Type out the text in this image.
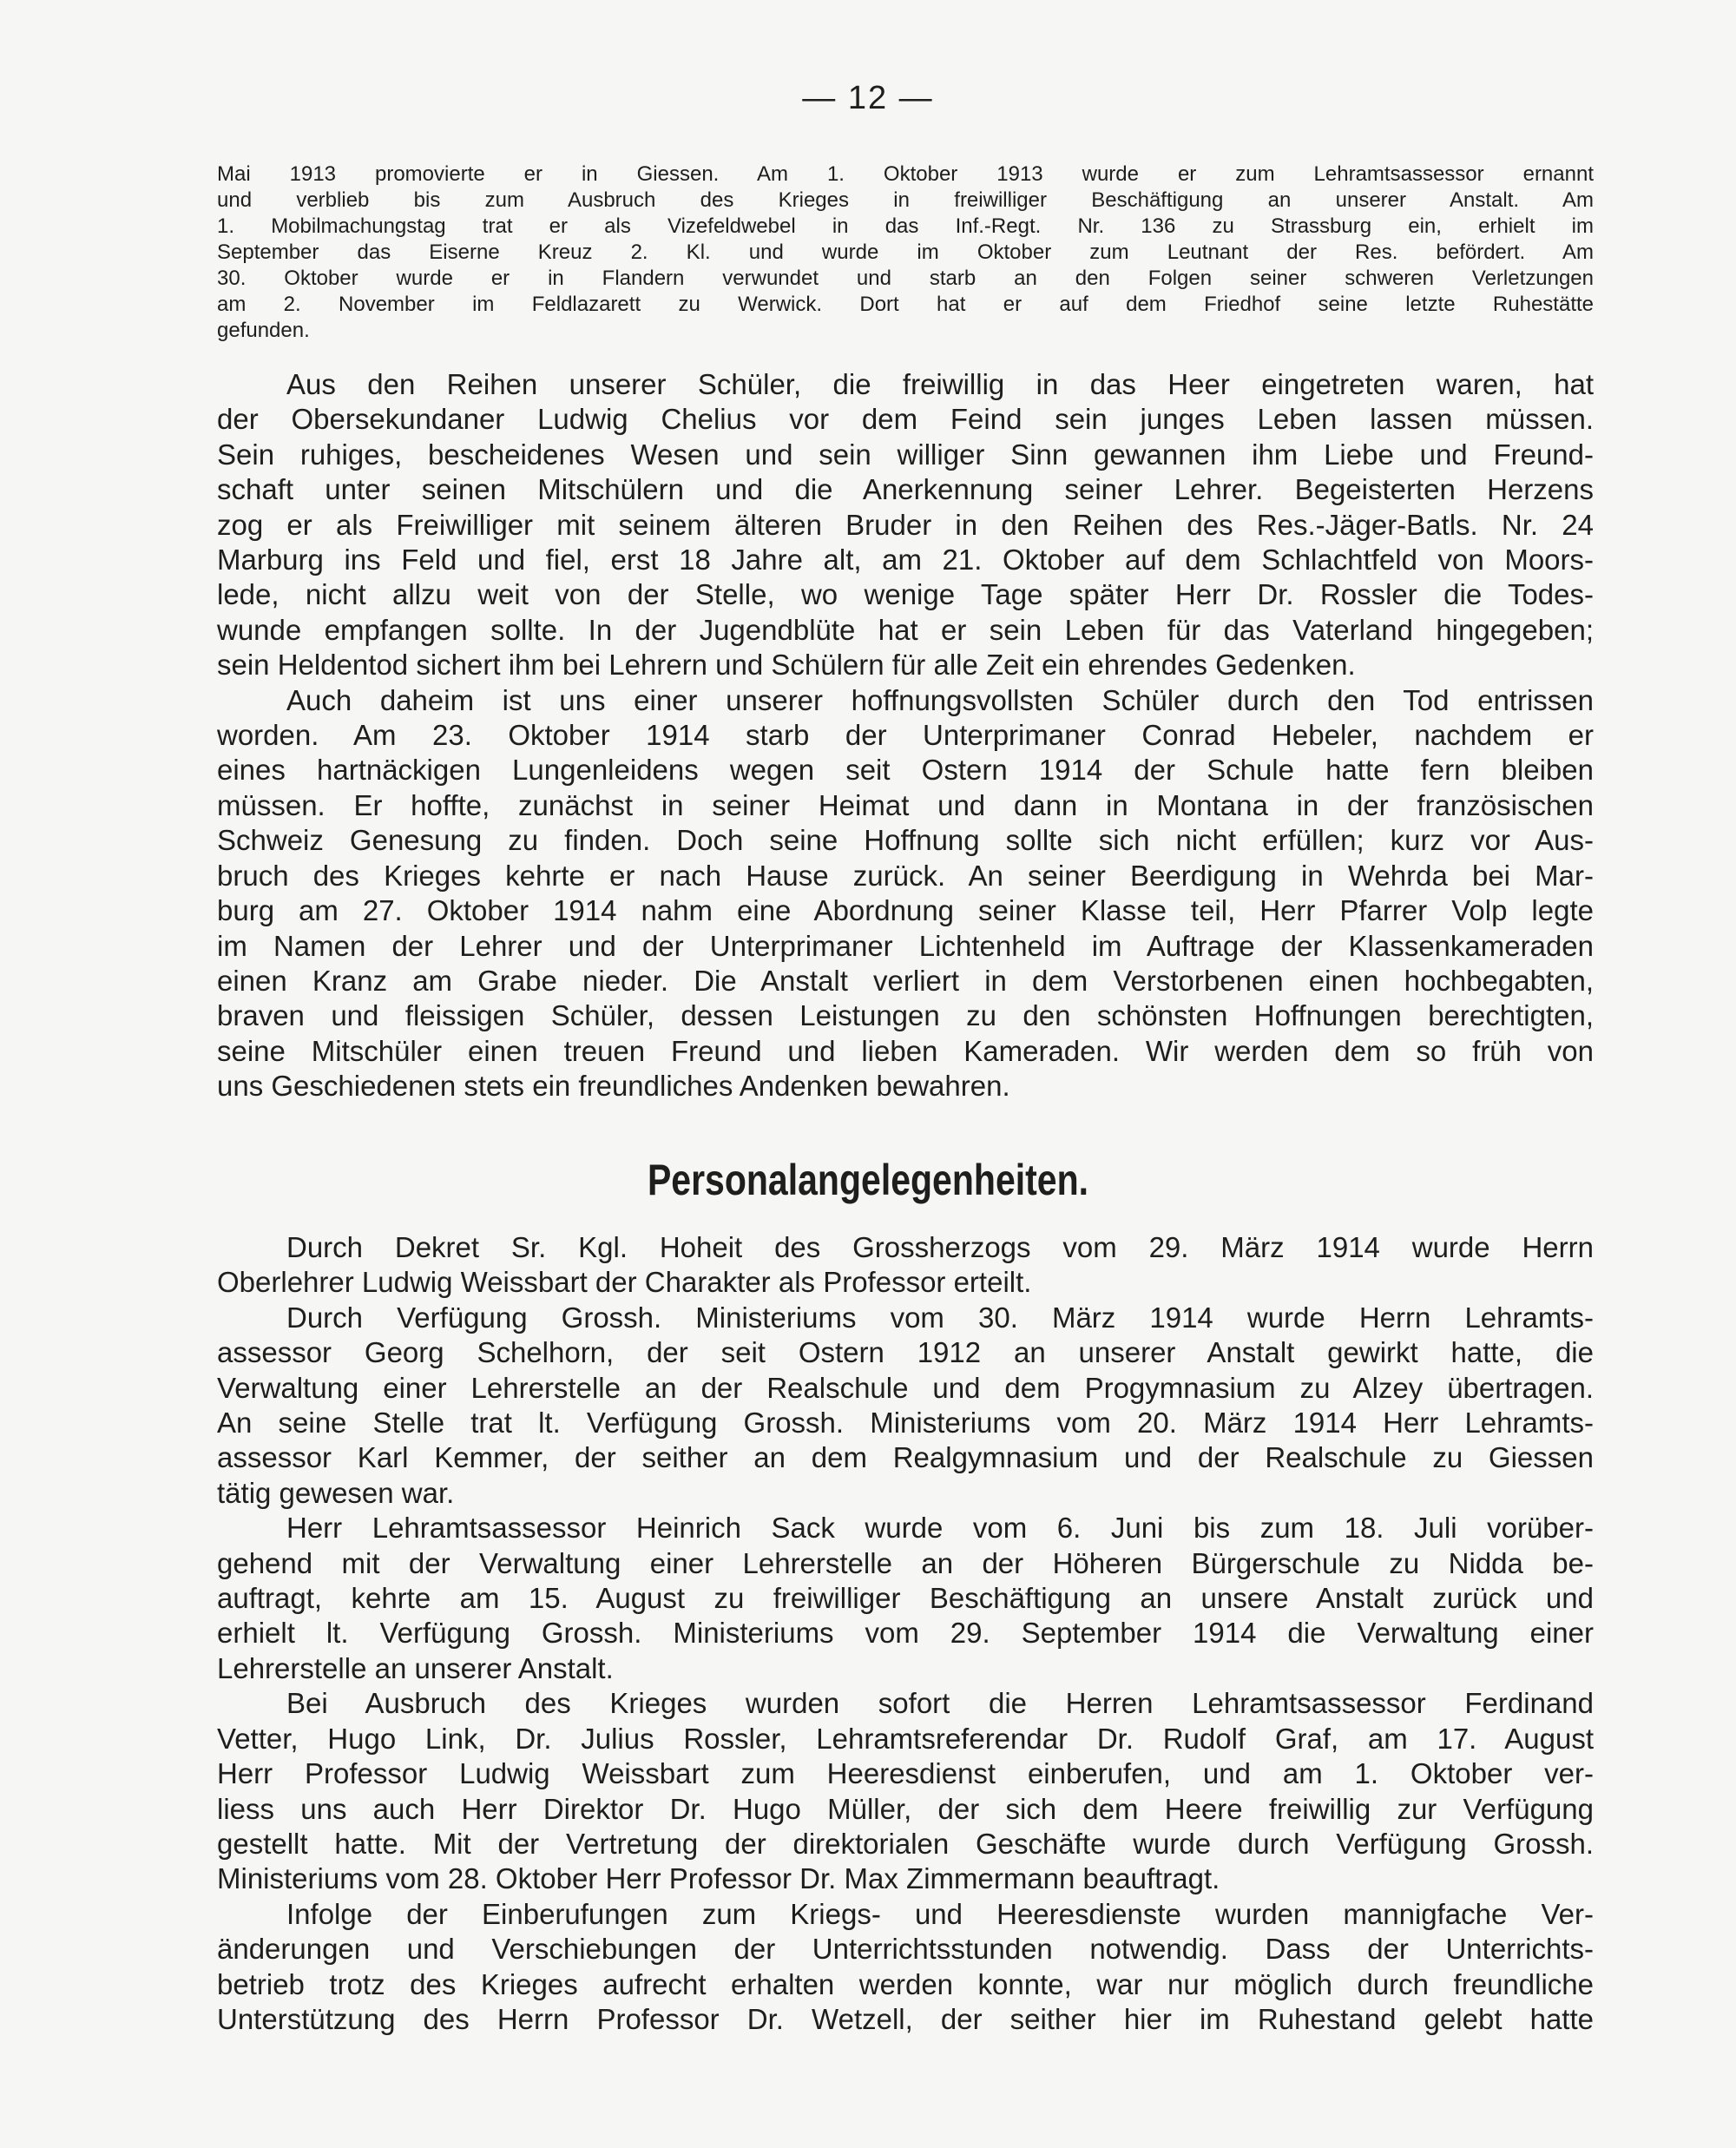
— 12 —
Mai 1913 promovierte er in Giessen. Am 1. Oktober 1913 wurde er zum Lehramtsassessor ernannt
und verblieb bis zum Ausbruch des Krieges in freiwilliger Beschäftigung an unserer Anstalt. Am
1. Mobilmachungstag trat er als Vizefeldwebel in das Inf.-Regt. Nr. 136 zu Strassburg ein, erhielt im
September das Eiserne Kreuz 2. Kl. und wurde im Oktober zum Leutnant der Res. befördert. Am
30. Oktober wurde er in Flandern verwundet und starb an den Folgen seiner schweren Verletzungen
am 2. November im Feldlazarett zu Werwick. Dort hat er auf dem Friedhof seine letzte Ruhestätte
gefunden.
Aus den Reihen unserer Schüler, die freiwillig in das Heer eingetreten waren, hat
der Obersekundaner Ludwig Chelius vor dem Feind sein junges Leben lassen müssen.
Sein ruhiges, bescheidenes Wesen und sein williger Sinn gewannen ihm Liebe und Freund-
schaft unter seinen Mitschülern und die Anerkennung seiner Lehrer. Begeisterten Herzens
zog er als Freiwilliger mit seinem älteren Bruder in den Reihen des Res.-Jäger-Batls. Nr. 24
Marburg ins Feld und fiel, erst 18 Jahre alt, am 21. Oktober auf dem Schlachtfeld von Moors-
lede, nicht allzu weit von der Stelle, wo wenige Tage später Herr Dr. Rossler die Todes-
wunde empfangen sollte. In der Jugendblüte hat er sein Leben für das Vaterland hingegeben;
sein Heldentod sichert ihm bei Lehrern und Schülern für alle Zeit ein ehrendes Gedenken.
Auch daheim ist uns einer unserer hoffnungsvollsten Schüler durch den Tod entrissen
worden. Am 23. Oktober 1914 starb der Unterprimaner Conrad Hebeler, nachdem er
eines hartnäckigen Lungenleidens wegen seit Ostern 1914 der Schule hatte fern bleiben
müssen. Er hoffte, zunächst in seiner Heimat und dann in Montana in der französischen
Schweiz Genesung zu finden. Doch seine Hoffnung sollte sich nicht erfüllen; kurz vor Aus-
bruch des Krieges kehrte er nach Hause zurück. An seiner Beerdigung in Wehrda bei Mar-
burg am 27. Oktober 1914 nahm eine Abordnung seiner Klasse teil, Herr Pfarrer Volp legte
im Namen der Lehrer und der Unterprimaner Lichtenheld im Auftrage der Klassenkameraden
einen Kranz am Grabe nieder. Die Anstalt verliert in dem Verstorbenen einen hochbegabten,
braven und fleissigen Schüler, dessen Leistungen zu den schönsten Hoffnungen berechtigten,
seine Mitschüler einen treuen Freund und lieben Kameraden. Wir werden dem so früh von
uns Geschiedenen stets ein freundliches Andenken bewahren.
Personalangelegenheiten.
Durch Dekret Sr. Kgl. Hoheit des Grossherzogs vom 29. März 1914 wurde Herrn
Oberlehrer Ludwig Weissbart der Charakter als Professor erteilt.
Durch Verfügung Grossh. Ministeriums vom 30. März 1914 wurde Herrn Lehramts-
assessor Georg Schelhorn, der seit Ostern 1912 an unserer Anstalt gewirkt hatte, die
Verwaltung einer Lehrerstelle an der Realschule und dem Progymnasium zu Alzey übertragen.
An seine Stelle trat lt. Verfügung Grossh. Ministeriums vom 20. März 1914 Herr Lehramts-
assessor Karl Kemmer, der seither an dem Realgymnasium und der Realschule zu Giessen
tätig gewesen war.
Herr Lehramtsassessor Heinrich Sack wurde vom 6. Juni bis zum 18. Juli vorüber-
gehend mit der Verwaltung einer Lehrerstelle an der Höheren Bürgerschule zu Nidda be-
auftragt, kehrte am 15. August zu freiwilliger Beschäftigung an unsere Anstalt zurück und
erhielt lt. Verfügung Grossh. Ministeriums vom 29. September 1914 die Verwaltung einer
Lehrerstelle an unserer Anstalt.
Bei Ausbruch des Krieges wurden sofort die Herren Lehramtsassessor Ferdinand
Vetter, Hugo Link, Dr. Julius Rossler, Lehramtsreferendar Dr. Rudolf Graf, am 17. August
Herr Professor Ludwig Weissbart zum Heeresdienst einberufen, und am 1. Oktober ver-
liess uns auch Herr Direktor Dr. Hugo Müller, der sich dem Heere freiwillig zur Verfügung
gestellt hatte. Mit der Vertretung der direktorialen Geschäfte wurde durch Verfügung Grossh.
Ministeriums vom 28. Oktober Herr Professor Dr. Max Zimmermann beauftragt.
Infolge der Einberufungen zum Kriegs- und Heeresdienste wurden mannigfache Ver-
änderungen und Verschiebungen der Unterrichtsstunden notwendig. Dass der Unterrichts-
betrieb trotz des Krieges aufrecht erhalten werden konnte, war nur möglich durch freundliche
Unterstützung des Herrn Professor Dr. Wetzell, der seither hier im Ruhestand gelebt hatte
